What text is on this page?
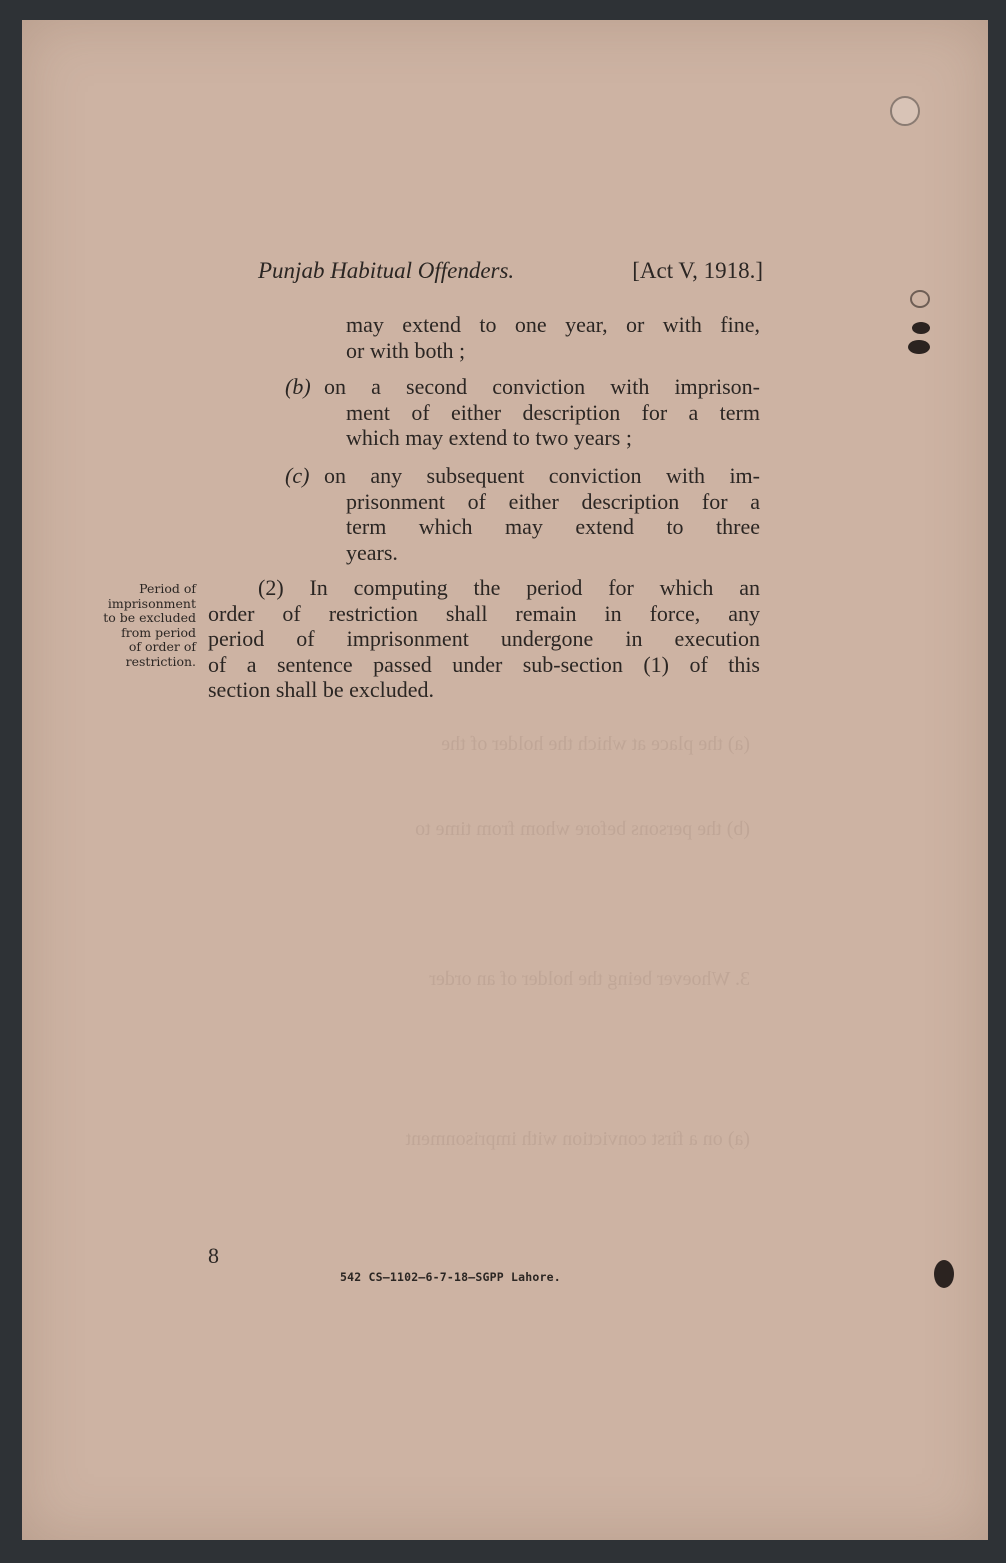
(a) the place at which the holder of the
(b) the persons before whom from time to
3. Whoever being the holder of an order
(a) on a first conviction with imprisonment
Punjab Habitual Offenders.	[Act V, 1918.]
may extend to one year, or with fine,
or with both ;
(b) on a second conviction with imprison-
ment of either description for a term
which may extend to two years ;
(c) on any subsequent conviction with im-
prisonment of either description for a
term which may extend to three
years.
Period of
imprisonment
to be excluded
from period
of order of
restriction.
(2) In computing the period for which an
order of restriction shall remain in force, any
period of imprisonment undergone in execution
of a sentence passed under sub-section (1) of this
section shall be excluded.
8
542 CS—1102—6-7-18—SGPP Lahore.
